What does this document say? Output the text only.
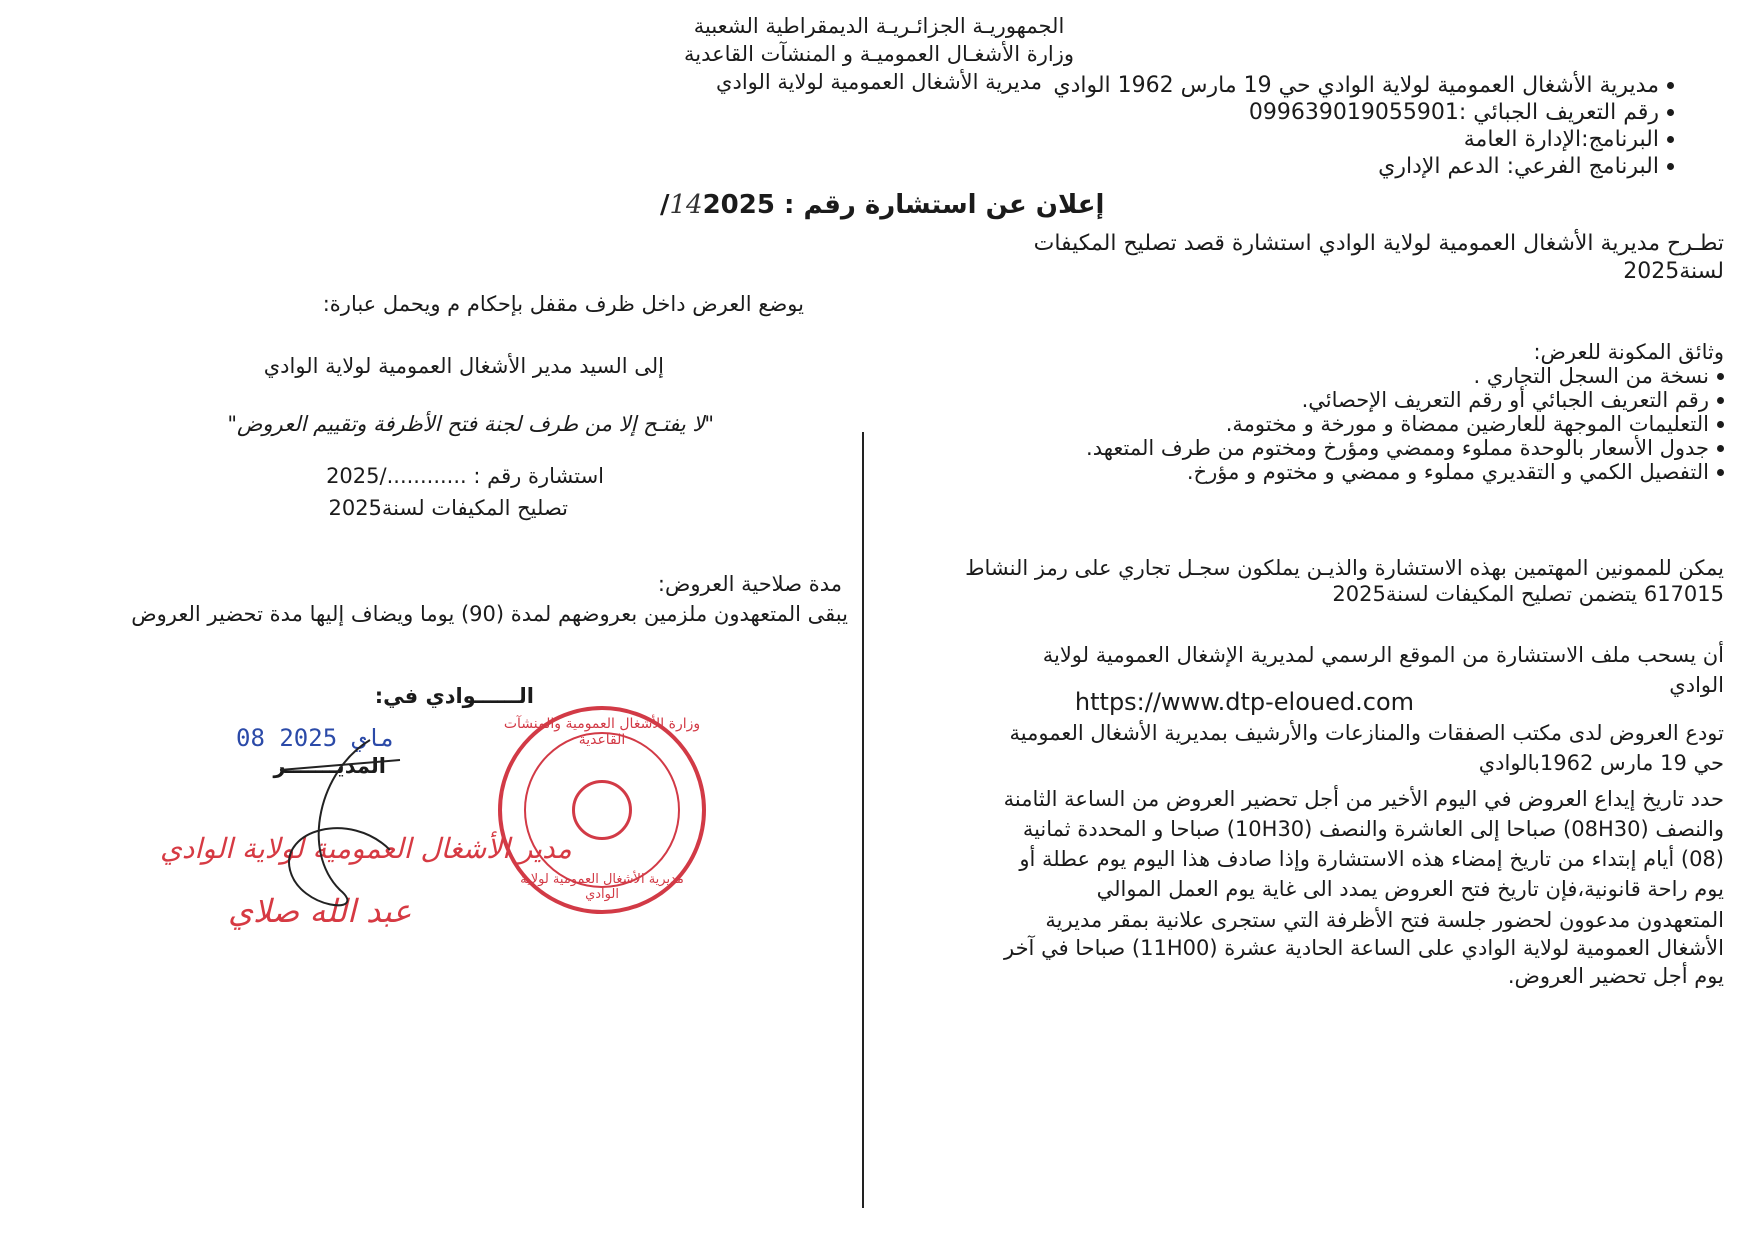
الجمهوريـة الجزائـريـة الديمقراطية الشعبية
وزارة الأشغـال العموميـة و المنشآت القاعدية
مديرية الأشغال العمومية لولاية الوادي مديرية الأشغال العمومية لولاية الوادي حي 19 مارس 1962 الوادي
رقم التعريف الجبائي :099639019055901
البرنامج:الإدارة العامة
البرنامج الفرعي: الدعم الإداري
إعلان عن استشارة رقم : 142025/
تطـرح مديرية الأشغال العمومية لولاية الوادي استشارة قصد تصليح المكيفات
لسنة2025
وثائق المكونة للعرض:
نسخة من السجل التجاري .
رقم التعريف الجبائي أو رقم التعريف الإحصائي.
التعليمات الموجهة للعارضين ممضاة و مورخة و مختومة.
جدول الأسعار بالوحدة مملوء وممضي ومؤرخ ومختوم من طرف المتعهد.
التفصيل الكمي و التقديري مملوء و ممضي و مختوم و مؤرخ.
يمكن للممونين المهتمين بهذه الاستشارة والذيـن يملكون سجـل تجاري على رمز النشاط
617015 يتضمن تصليح المكيفات لسنة2025
أن يسحب ملف الاستشارة من الموقع الرسمي لمديرية الإشغال العمومية لولاية
الوادي
https://www.dtp-eloued.com
تودع العروض لدى مكتب الصفقات والمنازعات والأرشيف بمديرية الأشغال العمومية
حي 19 مارس 1962بالوادي
حدد تاريخ إيداع العروض في اليوم الأخير من أجل تحضير العروض من الساعة الثامنة
والنصف (08H30) صباحا إلى العاشرة والنصف (10H30) صباحا و المحددة ثمانية
(08) أيام إبتداء من تاريخ إمضاء هذه الاستشارة وإذا صادف هذا اليوم يوم عطلة أو
يوم راحة قانونية،فإن تاريخ فتح العروض يمدد الى غاية يوم العمل الموالي
المتعهدون مدعوون لحضور جلسة فتح الأظرفة التي ستجرى علانية بمقر مديرية
الأشغال العمومية لولاية الوادي على الساعة الحادية عشرة (11H00) صباحا في آخر
يوم أجل تحضير العروض.
يوضع العرض داخل ظرف مقفل بإحكام م ويحمل عبارة:
إلى السيد مدير الأشغال العمومية لولاية الوادي
"لا يفتـح إلا من طرف لجنة فتح الأظرفة وتقييم العروض"
استشارة رقم : ............/2025
تصليح المكيفات لسنة2025
مدة صلاحية العروض:
يبقى المتعهدون ملزمين بعروضهم لمدة (90) يوما ويضاف إليها مدة تحضير العروض
الــــــوادي في:
08 ماي 2025
المديـــــــر
وزارة الأشغال العمومية والمنشآت القاعدية
مديرية الأشغال العمومية لولاية الوادي
مدير الأشغال العمومية لولاية الوادي
عبد الله صلاي
